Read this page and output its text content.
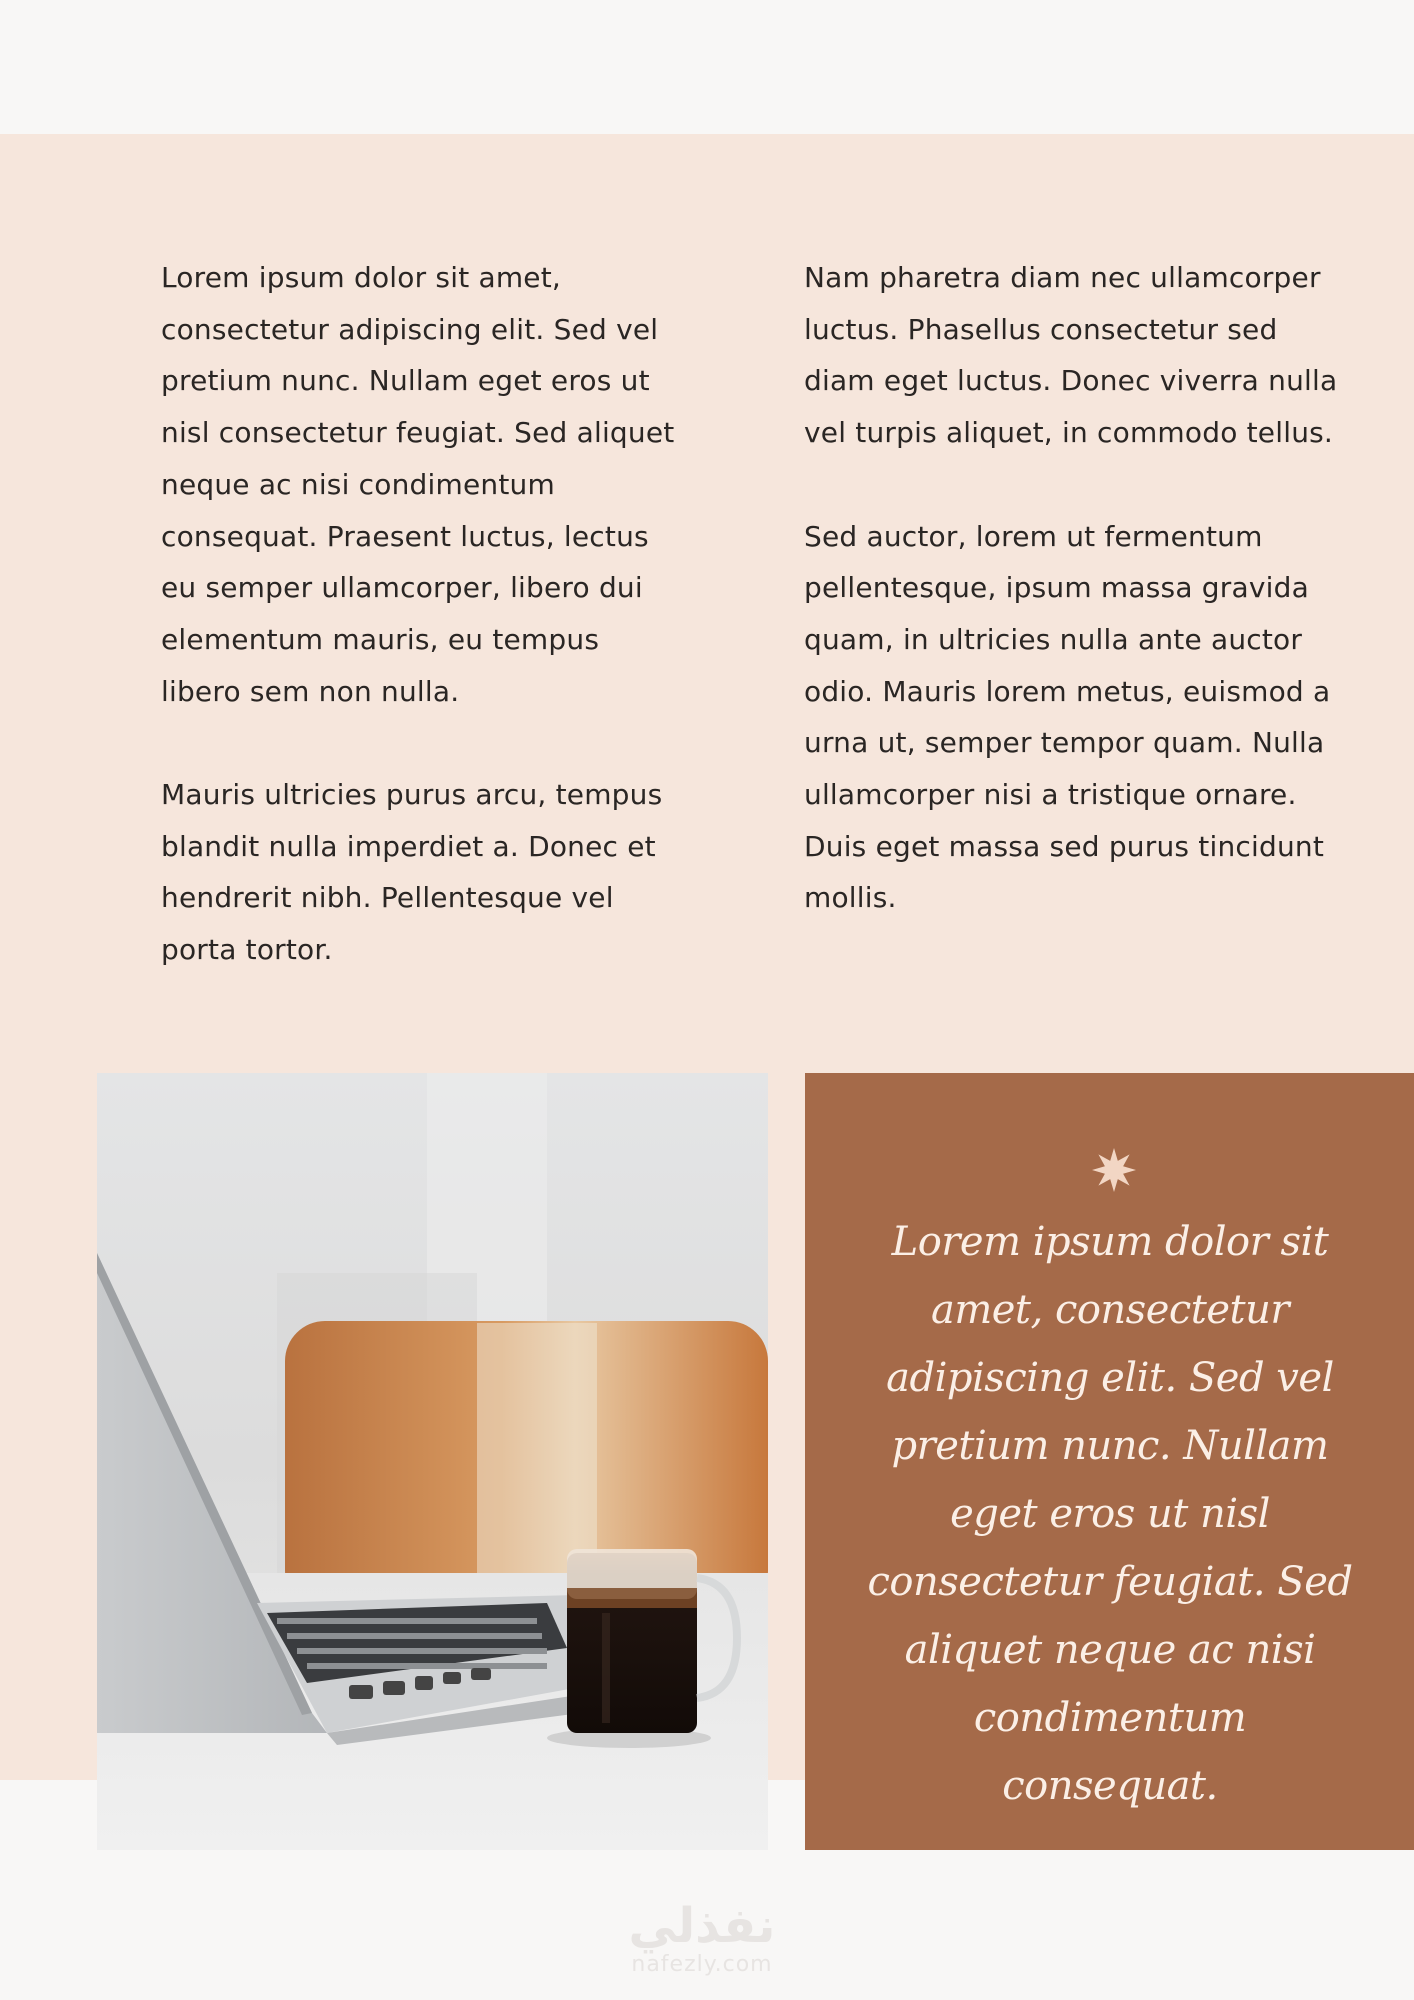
Lorem ipsum dolor sit amet, consectetur adipiscing elit. Sed vel pretium nunc. Nullam eget eros ut nisl consectetur feugiat. Sed aliquet neque ac nisi condimentum consequat. Praesent luctus, lectus eu semper ullamcorper, libero dui elementum mauris, eu tempus libero sem non nulla.

Mauris ultricies purus arcu, tempus blandit nulla imperdiet a. Donec et hendrerit nibh. Pellentesque vel porta tortor.

Nam pharetra diam nec ullamcorper luctus. Phasellus consectetur sed diam eget luctus. Donec viverra nulla vel turpis aliquet, in commodo tellus.

Sed auctor, lorem ut fermentum pellentesque, ipsum massa gravida quam, in ultricies nulla ante auctor odio. Mauris lorem metus, euismod a urna ut, semper tempor quam. Nulla ullamcorper nisi a tristique ornare. Duis eget massa sed purus tincidunt mollis.

Lorem ipsum dolor sit amet, consectetur adipiscing elit. Sed vel pretium nunc. Nullam eget eros ut nisl consectetur feugiat. Sed aliquet neque ac nisi condimentum consequat.
نفذلي
nafezly.com
